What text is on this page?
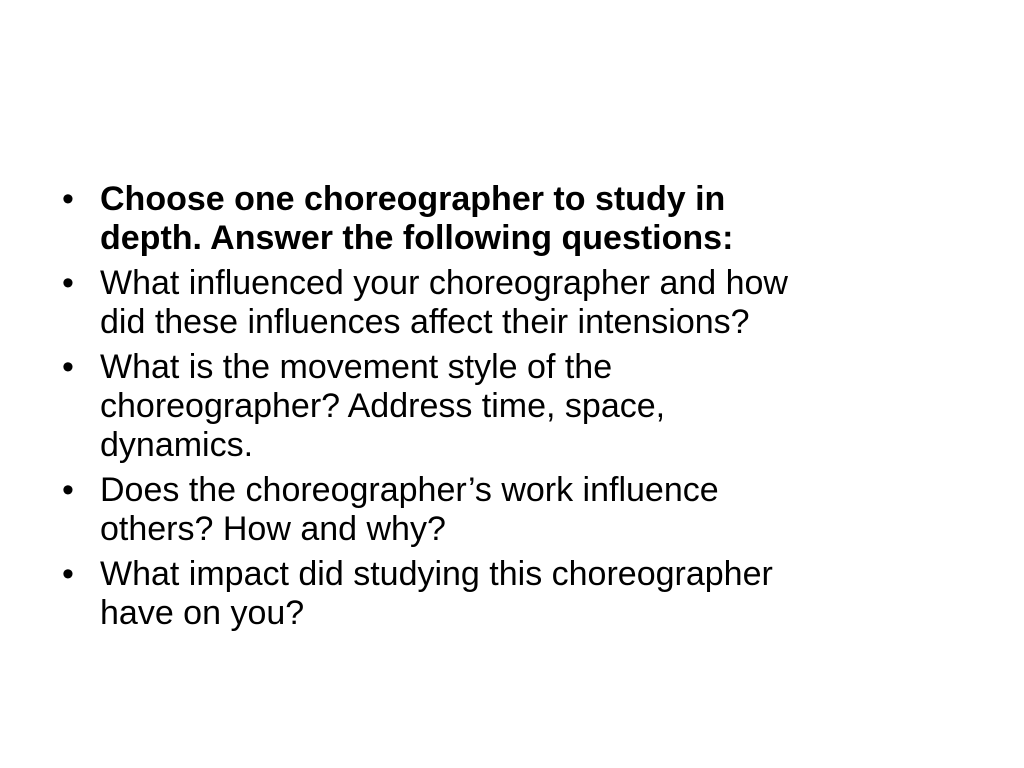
• Choose one choreographer to study in
depth. Answer the following questions:
• What influenced your choreographer and how
did these influences affect their intensions?
• What is the movement style of the
choreographer? Address time, space,
dynamics.
• Does the choreographer’s work influence
others? How and why?
• What impact did studying this choreographer
have on you?
